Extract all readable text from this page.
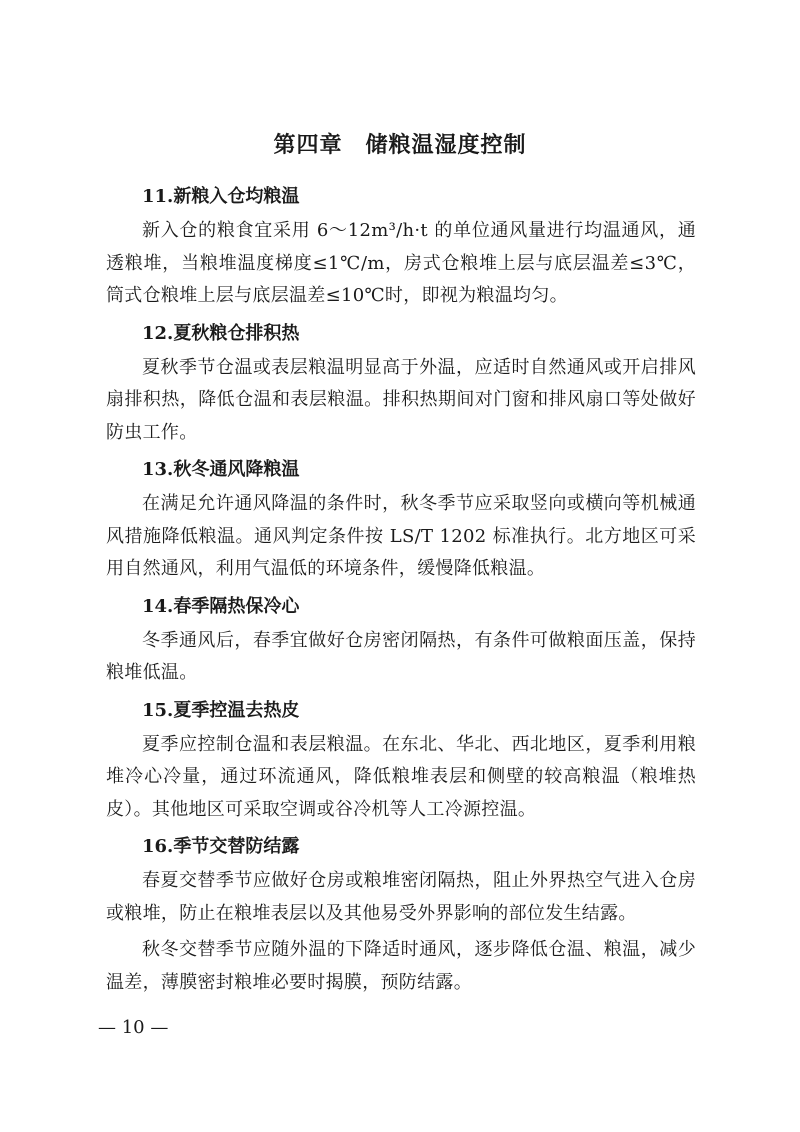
第四章　储粮温湿度控制
11.新粮入仓均粮温
新入仓的粮食宜采用 6～12m³/h·t 的单位通风量进行均温通风，通透粮堆，当粮堆温度梯度≤1℃/m，房式仓粮堆上层与底层温差≤3℃，筒式仓粮堆上层与底层温差≤10℃时，即视为粮温均匀。
12.夏秋粮仓排积热
夏秋季节仓温或表层粮温明显高于外温，应适时自然通风或开启排风扇排积热，降低仓温和表层粮温。排积热期间对门窗和排风扇口等处做好防虫工作。
13.秋冬通风降粮温
在满足允许通风降温的条件时，秋冬季节应采取竖向或横向等机械通风措施降低粮温。通风判定条件按 LS/T 1202 标准执行。北方地区可采用自然通风，利用气温低的环境条件，缓慢降低粮温。
14.春季隔热保冷心
冬季通风后，春季宜做好仓房密闭隔热，有条件可做粮面压盖，保持粮堆低温。
15.夏季控温去热皮
夏季应控制仓温和表层粮温。在东北、华北、西北地区，夏季利用粮堆冷心冷量，通过环流通风，降低粮堆表层和侧壁的较高粮温（粮堆热皮）。其他地区可采取空调或谷冷机等人工冷源控温。
16.季节交替防结露
春夏交替季节应做好仓房或粮堆密闭隔热，阻止外界热空气进入仓房或粮堆，防止在粮堆表层以及其他易受外界影响的部位发生结露。
秋冬交替季节应随外温的下降适时通风，逐步降低仓温、粮温，减少温差，薄膜密封粮堆必要时揭膜，预防结露。
— 10 —
